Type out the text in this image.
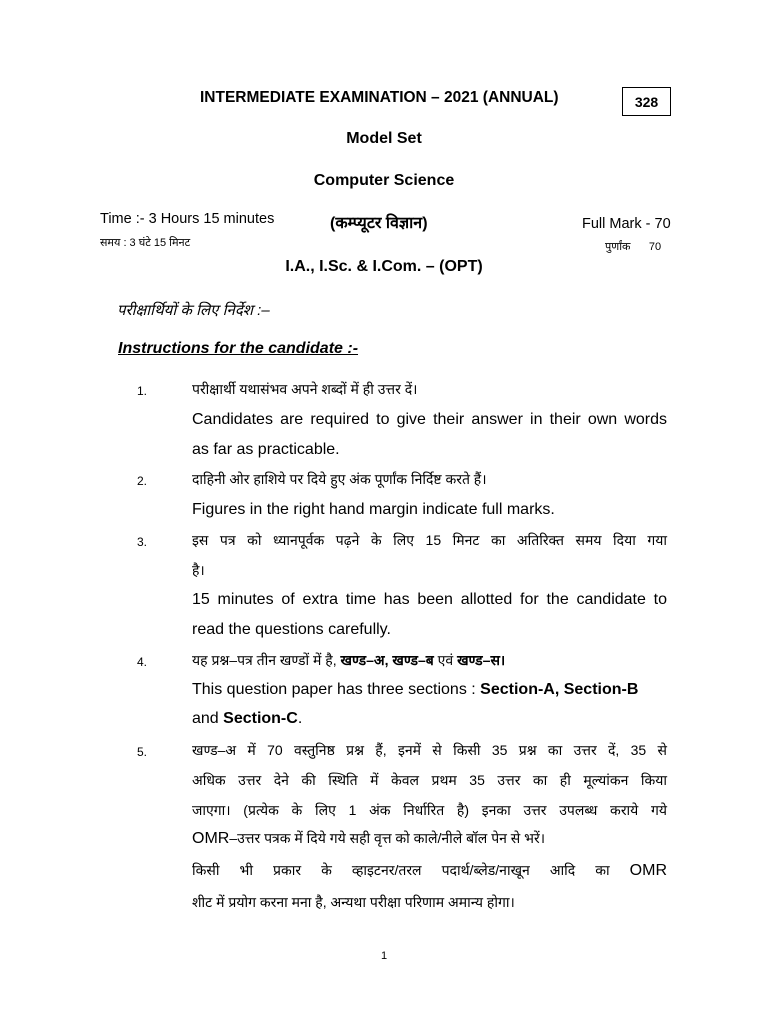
INTERMEDIATE EXAMINATION – 2021 (ANNUAL)	328
Model Set
Computer Science
(कम्प्यूटर विज्ञान)
Time :- 3 Hours 15 minutes
समय : 3 घंटे 15 मिनट
Full Mark - 70
पुर्णांक      70
I.A., I.Sc. & I.Com. – (OPT)
परीक्षार्थियों के लिए निर्देश :–
Instructions for the candidate :-
1.	परीक्षार्थी यथासंभव अपने शब्दों में ही उत्तर दें।
Candidates are required to give their answer in their own words
as far as practicable.
2.	दाहिनी ओर हाशिये पर दिये हुए अंक पूर्णांक निर्दिष्ट करते हैं।
Figures in the right hand margin indicate full marks.
3.	इस पत्र को ध्यानपूर्वक पढ़ने के लिए 15 मिनट का अतिरिक्त समय दिया गया
है।
15 minutes of extra time has been allotted for the candidate to
read the questions carefully.
4.	यह प्रश्न–पत्र तीन खण्डों में है, खण्ड–अ, खण्ड–ब एवं खण्ड–स।
This question paper has three sections : Section-A, Section-B
and Section-C.
5.	खण्ड–अ में 70 वस्तुनिष्ठ प्रश्न हैं, इनमें से किसी 35 प्रश्न का उत्तर दें, 35 से
अधिक उत्तर देने की स्थिति में केवल प्रथम 35 उत्तर का ही मूल्यांकन किया
जाएगा। (प्रत्येक के लिए 1 अंक निर्धारित है) इनका उत्तर उपलब्ध कराये गये
OMR–उत्तर पत्रक में दिये गये सही वृत्त को काले/नीले बॉल पेन से भरें।
किसी भी प्रकार के व्हाइटनर/तरल पदार्थ/ब्लेड/नाखून आदि का OMR
शीट में प्रयोग करना मना है, अन्यथा परीक्षा परिणाम अमान्य होगा।
1
